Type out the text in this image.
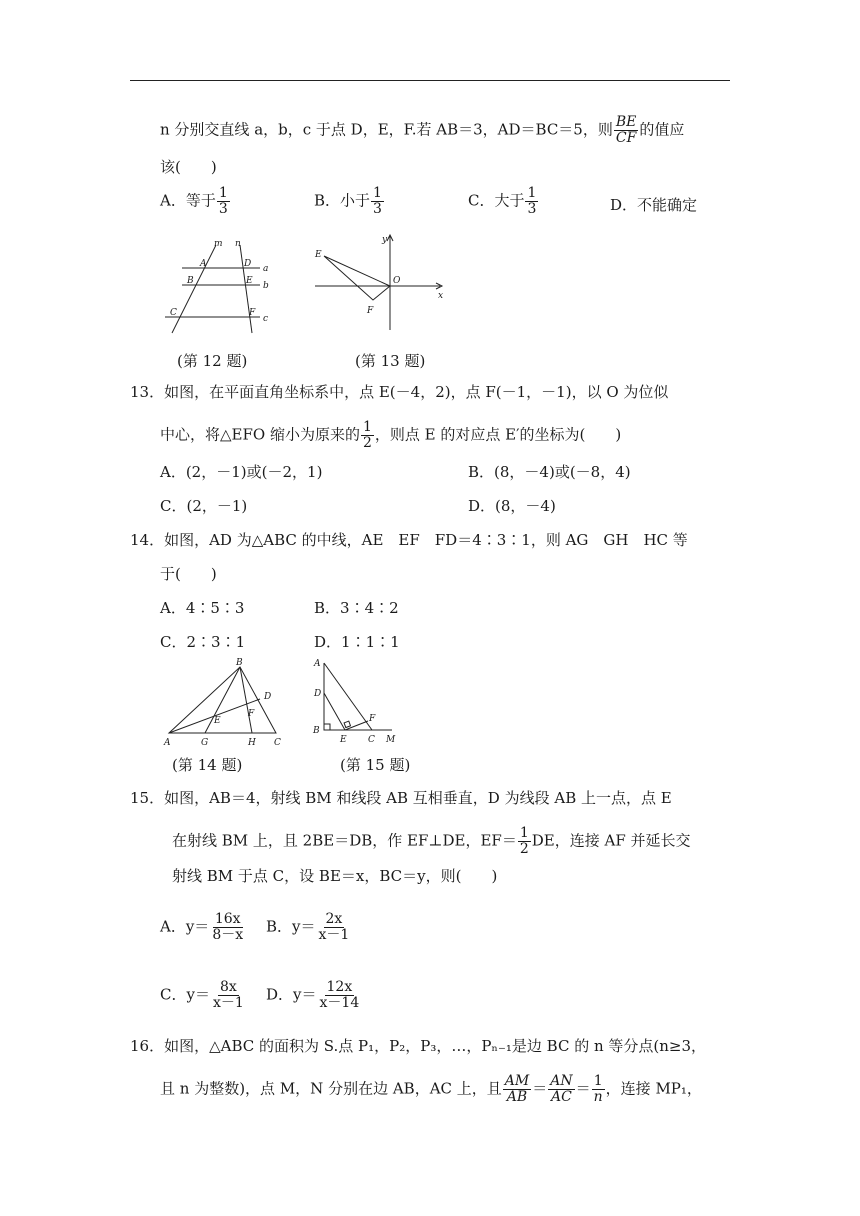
n 分别交直线 a，b，c 于点 D，E，F.若 AB＝3，AD＝BC＝5，则 $\frac{BE}{CF}$ 的值应
该(　　)
A．等于 $\frac{1}{3}$	B．小于 $\frac{1}{3}$	C．大于 $\frac{1}{3}$	D．不能确定
m n
A
B
C
D
E
F
a
b
c
y
x
E
O
F
(第 12 题)	(第 13 题)
13．如图，在平面直角坐标系中，点 E(－4，2)，点 F(－1，－1)，以 O 为位似
中心，将△EFO 缩小为原来的 $\frac{1}{2}$ ，则点 E 的对应点 E′的坐标为(　　)
A．(2，－1)或(－2，1)	B．(8，－4)或(－8，4)
C．(2，－1)	D．(8，－4)
14．如图，AD 为△ABC 的中线，AE　EF　FD＝4∶3∶1，则 AG　GH　HC 等
于(　　)
A．4∶5∶3	B．3∶4∶2
C．2∶3∶1	D．1∶1∶1
A
B
C
D
E
F
G	H
A
B
C
D
E
F
M
(第 14 题)	(第 15 题)
15．如图，AB＝4，射线 BM 和线段 AB 互相垂直，D 为线段 AB 上一点，点 E
在射线 BM 上，且 2BE＝DB，作 EF⊥DE，$EF= \frac{1}{2}$ DE，连接 AF 并延长交
射线 BM 于点 C，设 BE＝x，BC＝y，则(　　)
A．$y= \frac{16x}{8-x}$ B．$y= \frac{2x}{x-1}$
C．$y= \frac{8x}{x-1}$ D．$y= \frac{12x}{x-14}$
16．如图，△ABC 的面积为 S.点 P₁，P₂，P₃，…，Pₙ₋₁是边 BC 的 n 等分点(n≥3，
且 n 为整数)，点 M，N 分别在边 AB，AC 上，且 $\frac{AM}{AB} = \frac{AN}{AC} = \frac{1}{n}$ ，连接 MP₁，
